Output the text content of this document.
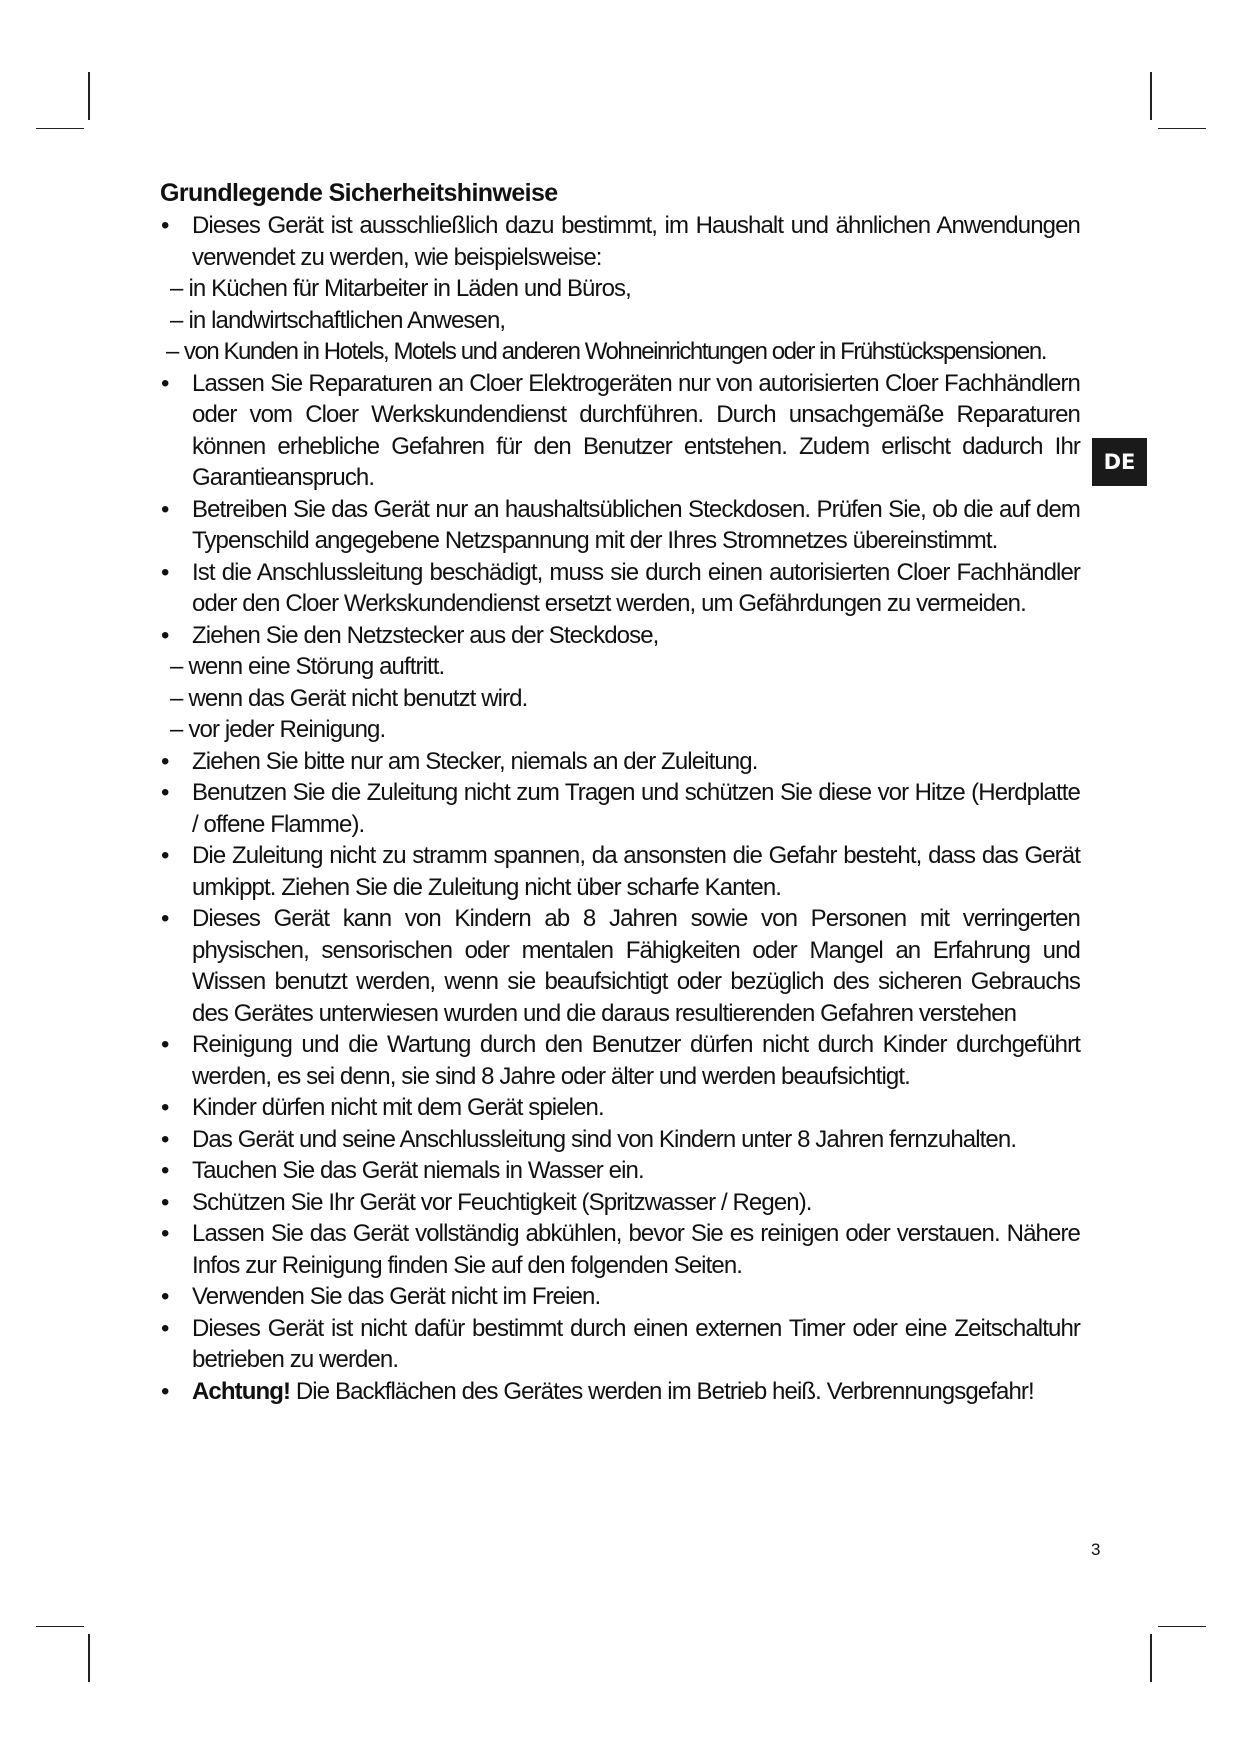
Grundlegende Sicherheitshinweise
• Dieses Gerät ist ausschließlich dazu bestimmt, im Haushalt und ähnlichen Anwendungen verwendet zu werden, wie beispielsweise:
– in Küchen für Mitarbeiter in Läden und Büros,
– in landwirtschaftlichen Anwesen,
– von Kunden in Hotels, Motels und anderen Wohneinrichtungen oder in Frühstückspensionen.
• Lassen Sie Reparaturen an Cloer Elektrogeräten nur von autorisierten Cloer Fachhändlern oder vom Cloer Werkskundendienst durchführen. Durch unsachgemäße Reparaturen können erhebliche Gefahren für den Benutzer entstehen. Zudem erlischt dadurch Ihr Garantieanspruch.
• Betreiben Sie das Gerät nur an haushaltsüblichen Steckdosen. Prüfen Sie, ob die auf dem Typenschild angegebene Netzspannung mit der Ihres Stromnetzes übereinstimmt.
• Ist die Anschlussleitung beschädigt, muss sie durch einen autorisierten Cloer Fachhändler oder den Cloer Werkskundendienst ersetzt werden, um Gefährdungen zu vermeiden.
• Ziehen Sie den Netzstecker aus der Steckdose,
– wenn eine Störung auftritt.
– wenn das Gerät nicht benutzt wird.
– vor jeder Reinigung.
• Ziehen Sie bitte nur am Stecker, niemals an der Zuleitung.
• Benutzen Sie die Zuleitung nicht zum Tragen und schützen Sie diese vor Hitze (Herdplatte / offene Flamme).
• Die Zuleitung nicht zu stramm spannen, da ansonsten die Gefahr besteht, dass das Gerät umkippt. Ziehen Sie die Zuleitung nicht über scharfe Kanten.
• Dieses Gerät kann von Kindern ab 8 Jahren sowie von Personen mit verringerten physischen, sensorischen oder mentalen Fähigkeiten oder Mangel an Erfahrung und Wissen benutzt werden, wenn sie beaufsichtigt oder bezüglich des sicheren Gebrauchs des Gerätes unterwiesen wurden und die daraus resultierenden Gefahren verstehen
• Reinigung und die Wartung durch den Benutzer dürfen nicht durch Kinder durchgeführt werden, es sei denn, sie sind 8 Jahre oder älter und werden beaufsichtigt.
• Kinder dürfen nicht mit dem Gerät spielen.
• Das Gerät und seine Anschlussleitung sind von Kindern unter 8 Jahren fernzuhalten.
• Tauchen Sie das Gerät niemals in Wasser ein.
• Schützen Sie Ihr Gerät vor Feuchtigkeit (Spritzwasser / Regen).
• Lassen Sie das Gerät vollständig abkühlen, bevor Sie es reinigen oder verstauen. Nähere Infos zur Reinigung finden Sie auf den folgenden Seiten.
• Verwenden Sie das Gerät nicht im Freien.
• Dieses Gerät ist nicht dafür bestimmt durch einen externen Timer oder eine Zeitschaltuhr betrieben zu werden.
• Achtung! Die Backflächen des Gerätes werden im Betrieb heiß. Verbrennungsgefahr!
DE
3
